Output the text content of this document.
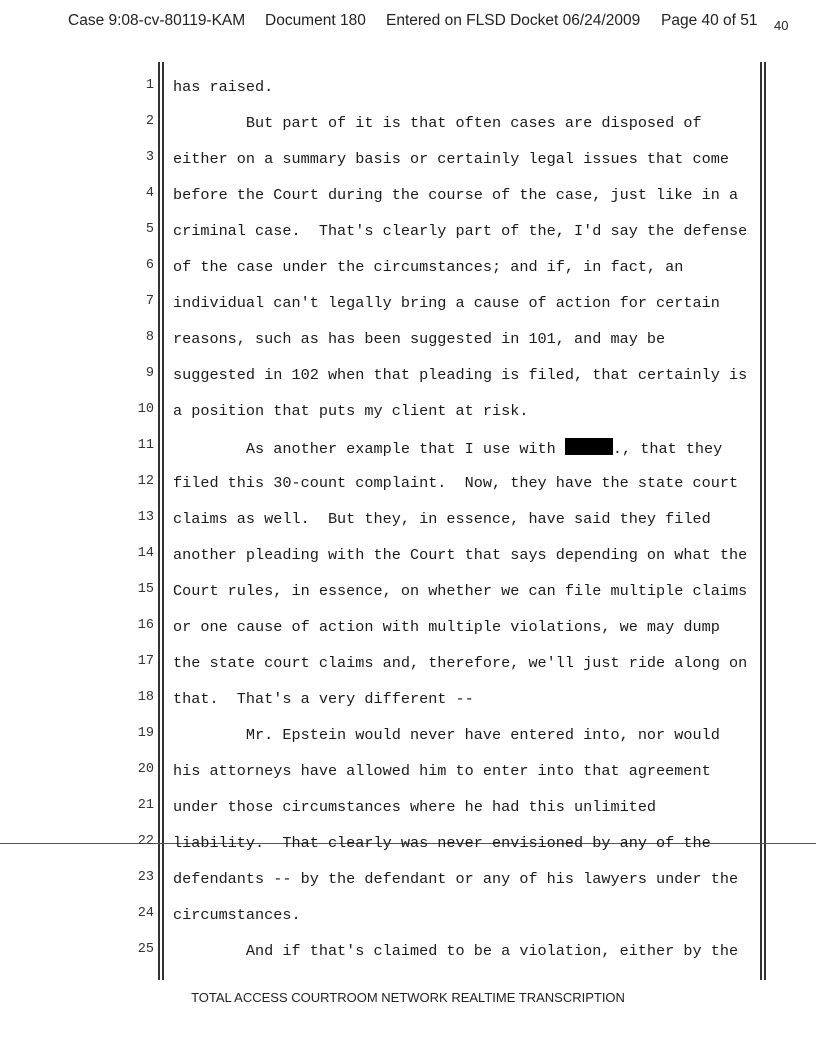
Case 9:08-cv-80119-KAM Document 180 Entered on FLSD Docket 06/24/2009 Page 40 of 51 40
1 has raised.
2 But part of it is that often cases are disposed of
3 either on a summary basis or certainly legal issues that come
4 before the Court during the course of the case, just like in a
5 criminal case.  That's clearly part of the, I'd say the defense
6 of the case under the circumstances; and if, in fact, an
7 individual can't legally bring a cause of action for certain
8 reasons, such as has been suggested in 101, and may be
9 suggested in 102 when that pleading is filed, that certainly is
10 a position that puts my client at risk.
11 As another example that I use with	., that they
12 filed this 30-count complaint.  Now, they have the state court
13 claims as well.  But they, in essence, have said they filed
14 another pleading with the Court that says depending on what the
15 Court rules, in essence, on whether we can file multiple claims
16 or one cause of action with multiple violations, we may dump
17 the state court claims and, therefore, we'll just ride along on
18 that.  That's a very different --
19 Mr. Epstein would never have entered into, nor would
20 his attorneys have allowed him to enter into that agreement
21 under those circumstances where he had this unlimited
22 liability.  That clearly was never envisioned by any of the
23 defendants -- by the defendant or any of his lawyers under the
24 circumstances.
25 And if that's claimed to be a violation, either by the
TOTAL ACCESS COURTROOM NETWORK REALTIME TRANSCRIPTION
